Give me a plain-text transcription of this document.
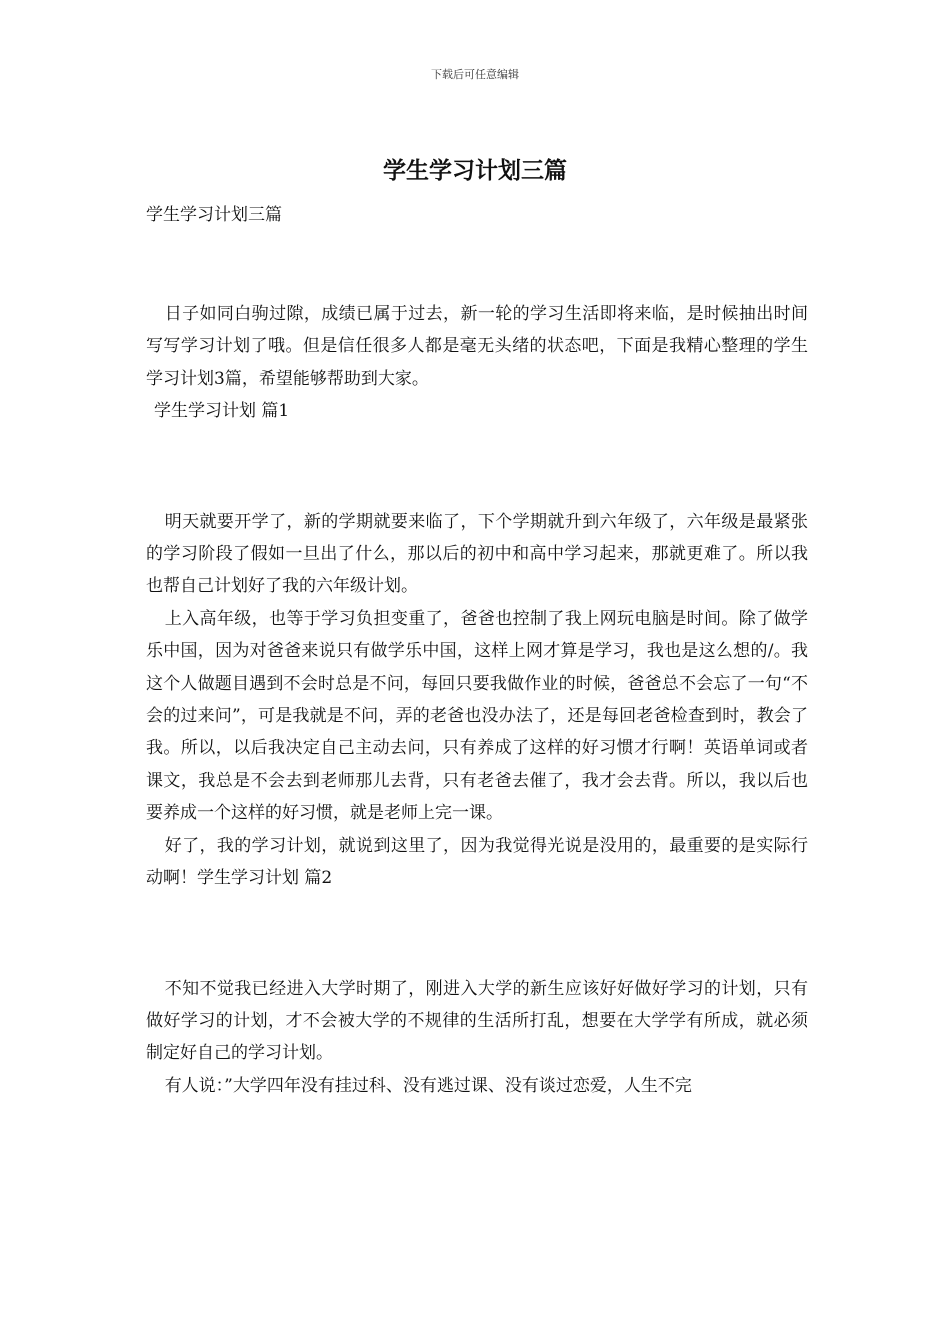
下载后可任意编辑
学生学习计划三篇

学生学习计划三篇

日子如同白驹过隙，成绩已属于过去，新一轮的学习生活即将来临，是时候抽出时间写写学习计划了哦。但是信任很多人都是毫无头绪的状态吧，下面是我精心整理的学生学习计划3篇，希望能够帮助到大家。

学生学习计划 篇1

明天就要开学了，新的学期就要来临了，下个学期就升到六年级了，六年级是最紧张的学习阶段了假如一旦出了什么，那以后的初中和高中学习起来，那就更难了。所以我也帮自己计划好了我的六年级计划。

上入高年级，也等于学习负担变重了，爸爸也控制了我上网玩电脑是时间。除了做学乐中国，因为对爸爸来说只有做学乐中国，这样上网才算是学习，我也是这么想的/。我这个人做题目遇到不会时总是不问，每回只要我做作业的时候，爸爸总不会忘了一句“不会的过来问”，可是我就是不问，弄的老爸也没办法了，还是每回老爸检查到时，教会了我。所以，以后我决定自己主动去问，只有养成了这样的好习惯才行啊！英语单词或者课文，我总是不会去到老师那儿去背，只有老爸去催了，我才会去背。所以，我以后也要养成一个这样的好习惯，就是老师上完一课。

好了，我的学习计划，就说到这里了，因为我觉得光说是没用的，最重要的是实际行动啊！学生学习计划 篇2

不知不觉我已经进入大学时期了，刚进入大学的新生应该好好做好学习的计划，只有做好学习的计划，才不会被大学的不规律的生活所打乱，想要在大学学有所成，就必须制定好自己的学习计划。

有人说：”大学四年没有挂过科、没有逃过课、没有谈过恋爱，人生不完
